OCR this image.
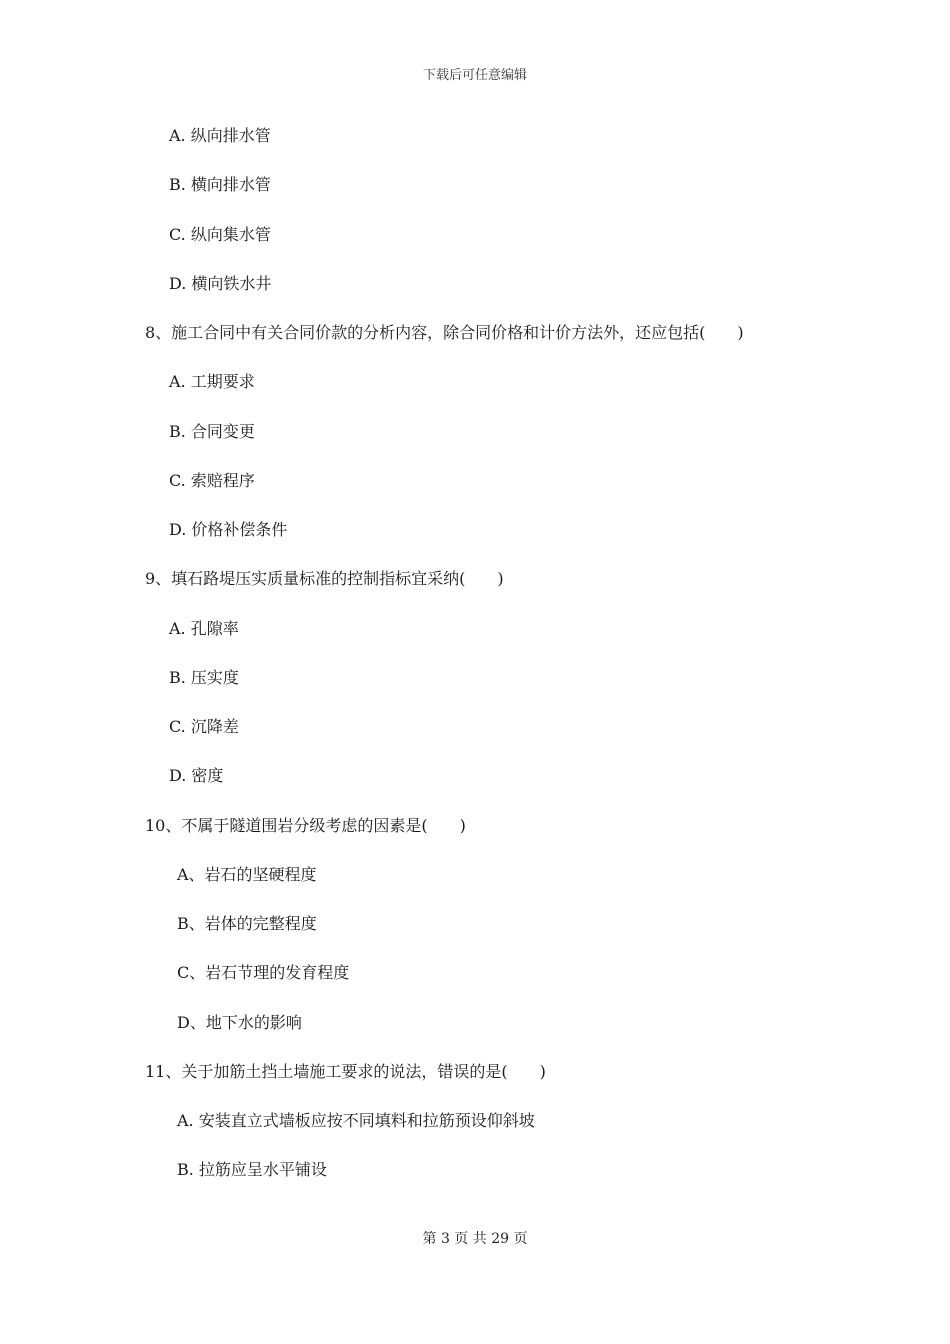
下载后可任意编辑
A. 纵向排水管
B. 横向排水管
C. 纵向集水管
D. 横向铁水井
8、施工合同中有关合同价款的分析内容，除合同价格和计价方法外，还应包括(　　)
A. 工期要求
B. 合同变更
C. 索赔程序
D. 价格补偿条件
9、填石路堤压实质量标准的控制指标宜采纳(　　)
A. 孔隙率
B. 压实度
C. 沉降差
D. 密度
10、不属于隧道围岩分级考虑的因素是(　　)
A、岩石的坚硬程度
B、岩体的完整程度
C、岩石节理的发育程度
D、地下水的影响
11、关于加筋土挡土墙施工要求的说法，错误的是(　　)
A. 安装直立式墙板应按不同填料和拉筋预设仰斜坡
B. 拉筋应呈水平铺设
第 3 页 共 29 页
